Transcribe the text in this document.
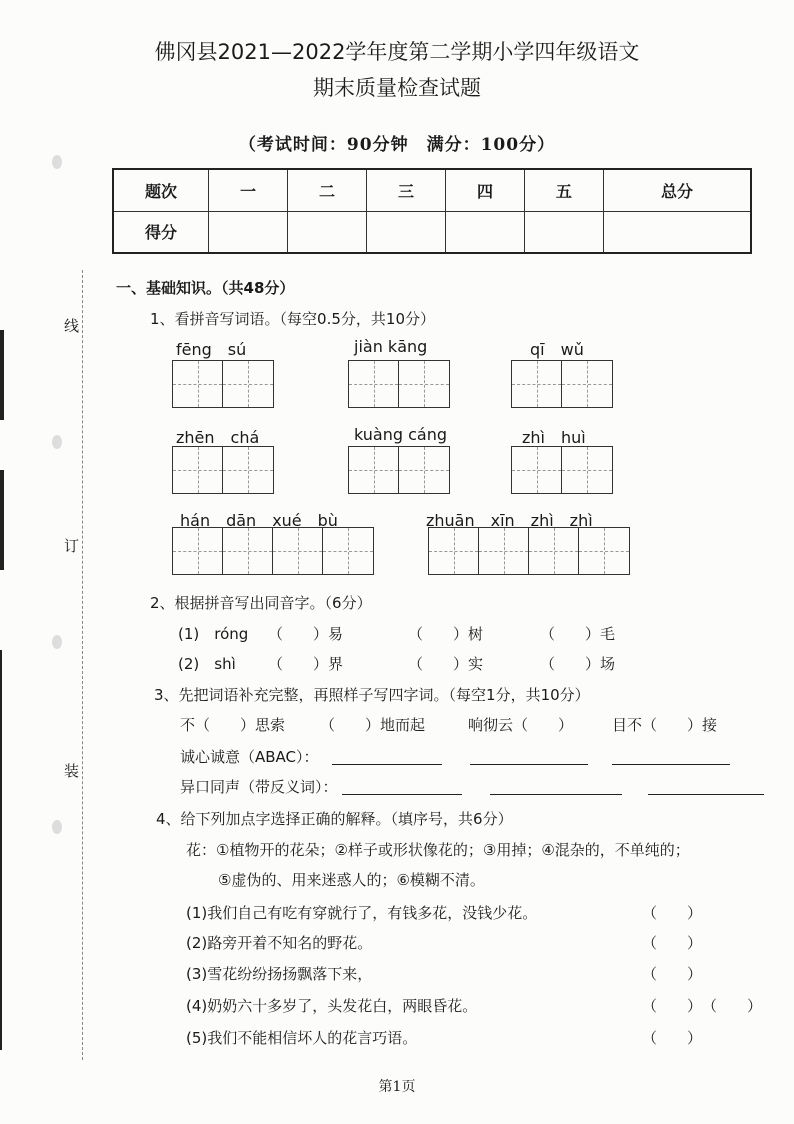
线
订
装
佛冈县2021—2022学年度第二学期小学四年级语文
期末质量检查试题
（考试时间：90分钟　满分：100分）
题次	一	二	三	四	五	总分
得分						
一、基础知识。（共48分）
1、看拼音写词语。（每空0.5分，共10分）
fēng　sú	jiàn kāng	qī　wǔ
zhēn　chá	kuàng cáng	zhì　huì
hán　dān　xué　bù	zhuān　xīn　zhì　zhì
2、根据拼音写出同音字。（6分）
(1)　róng （　　）易	（　　）树	（　　）毛
(2)　shì （　　）界	（　　）实	（　　）场
3、先把词语补充完整，再照样子写四字词。（每空1分，共10分）
不（　　）思索 （　　）地而起	响彻云（　　）	目不（　　）接
诚心诚意（ABAC）：
异口同声（带反义词）：
4、给下列加点字选择正确的解释。（填序号，共6分）
花：①植物开的花朵；②样子或形状像花的；③用掉；④混杂的，不单纯的；
⑤虚伪的、用来迷惑人的；⑥模糊不清。
(1)我们自己有吃有穿就行了，有钱多花，没钱少花。	（　　）
(2)路旁开着不知名的野花。	（　　）
(3)雪花纷纷扬扬飘落下来，	（　　）
(4)奶奶六十多岁了，头发花白，两眼昏花。	（　　） （　　）
(5)我们不能相信坏人的花言巧语。	（　　）
第1页
